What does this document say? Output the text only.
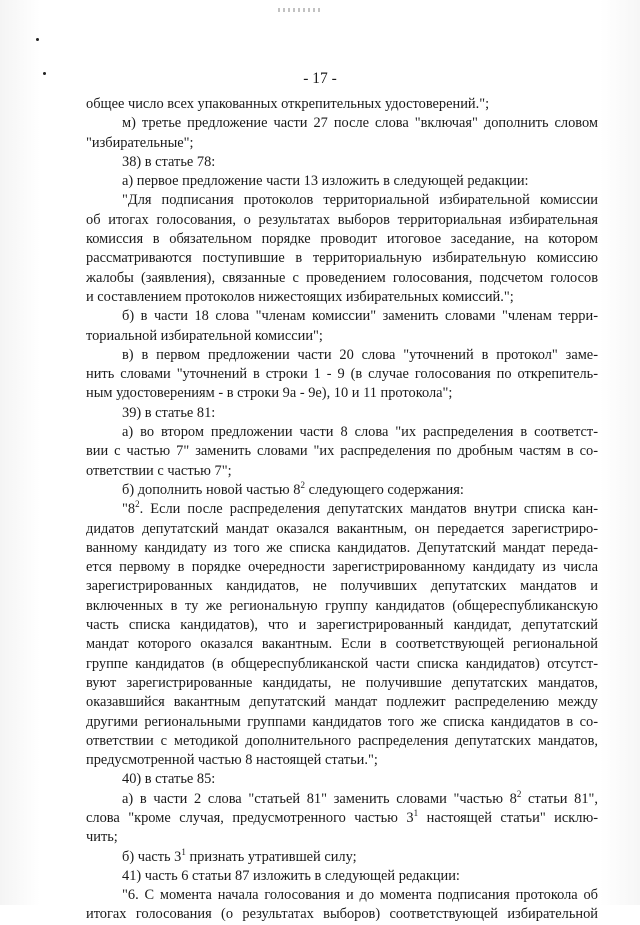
- 17 -
общее число всех упакованных открепительных удостоверений.";
м) третье предложение части 27 после слова "включая" дополнить словом
"избирательные";
38) в статье 78:
а) первое предложение части 13 изложить в следующей редакции:
"Для подписания протоколов территориальной избирательной комиссии
об итогах голосования, о результатах выборов территориальная избирательная
комиссия в обязательном порядке проводит итоговое заседание, на котором
рассматриваются поступившие в территориальную избирательную комиссию
жалобы (заявления), связанные с проведением голосования, подсчетом голосов
и составлением протоколов нижестоящих избирательных комиссий.";
б) в части 18 слова "членам комиссии" заменить словами "членам терри-
ториальной избирательной комиссии";
в) в первом предложении части 20 слова "уточнений в протокол" заме-
нить словами "уточнений в строки 1 - 9 (в случае голосования по открепитель-
ным удостоверениям - в строки 9а - 9е), 10 и 11 протокола";
39) в статье 81:
а) во втором предложении части 8 слова "их распределения в соответст-
вии с частью 7" заменить словами "их распределения по дробным частям в со-
ответствии с частью 7";
б) дополнить новой частью $8^2$ следующего содержания:
"$8^2$. Если после распределения депутатских мандатов внутри списка кан-
дидатов депутатский мандат оказался вакантным, он передается зарегистриро-
ванному кандидату из того же списка кандидатов. Депутатский мандат переда-
ется первому в порядке очередности зарегистрированному кандидату из числа
зарегистрированных кандидатов, не получивших депутатских мандатов и
включенных в ту же региональную группу кандидатов (общереспубликанскую
часть списка кандидатов), что и зарегистрированный кандидат, депутатский
мандат которого оказался вакантным. Если в соответствующей региональной
группе кандидатов (в общереспубликанской части списка кандидатов) отсутст-
вуют зарегистрированные кандидаты, не получившие депутатских мандатов,
оказавшийся вакантным депутатский мандат подлежит распределению между
другими региональными группами кандидатов того же списка кандидатов в со-
ответствии с методикой дополнительного распределения депутатских мандатов,
предусмотренной частью 8 настоящей статьи.";
40) в статье 85:
а) в части 2 слова "статьей 81" заменить словами "частью $8^2$ статьи 81",
слова "кроме случая, предусмотренного частью $3^1$ настоящей статьи" исклю-
чить;
б) часть $3^1$ признать утратившей силу;
41) часть 6 статьи 87 изложить в следующей редакции:
"6. С момента начала голосования и до момента подписания протокола об
итогах голосования (о результатах выборов) соответствующей избирательной
